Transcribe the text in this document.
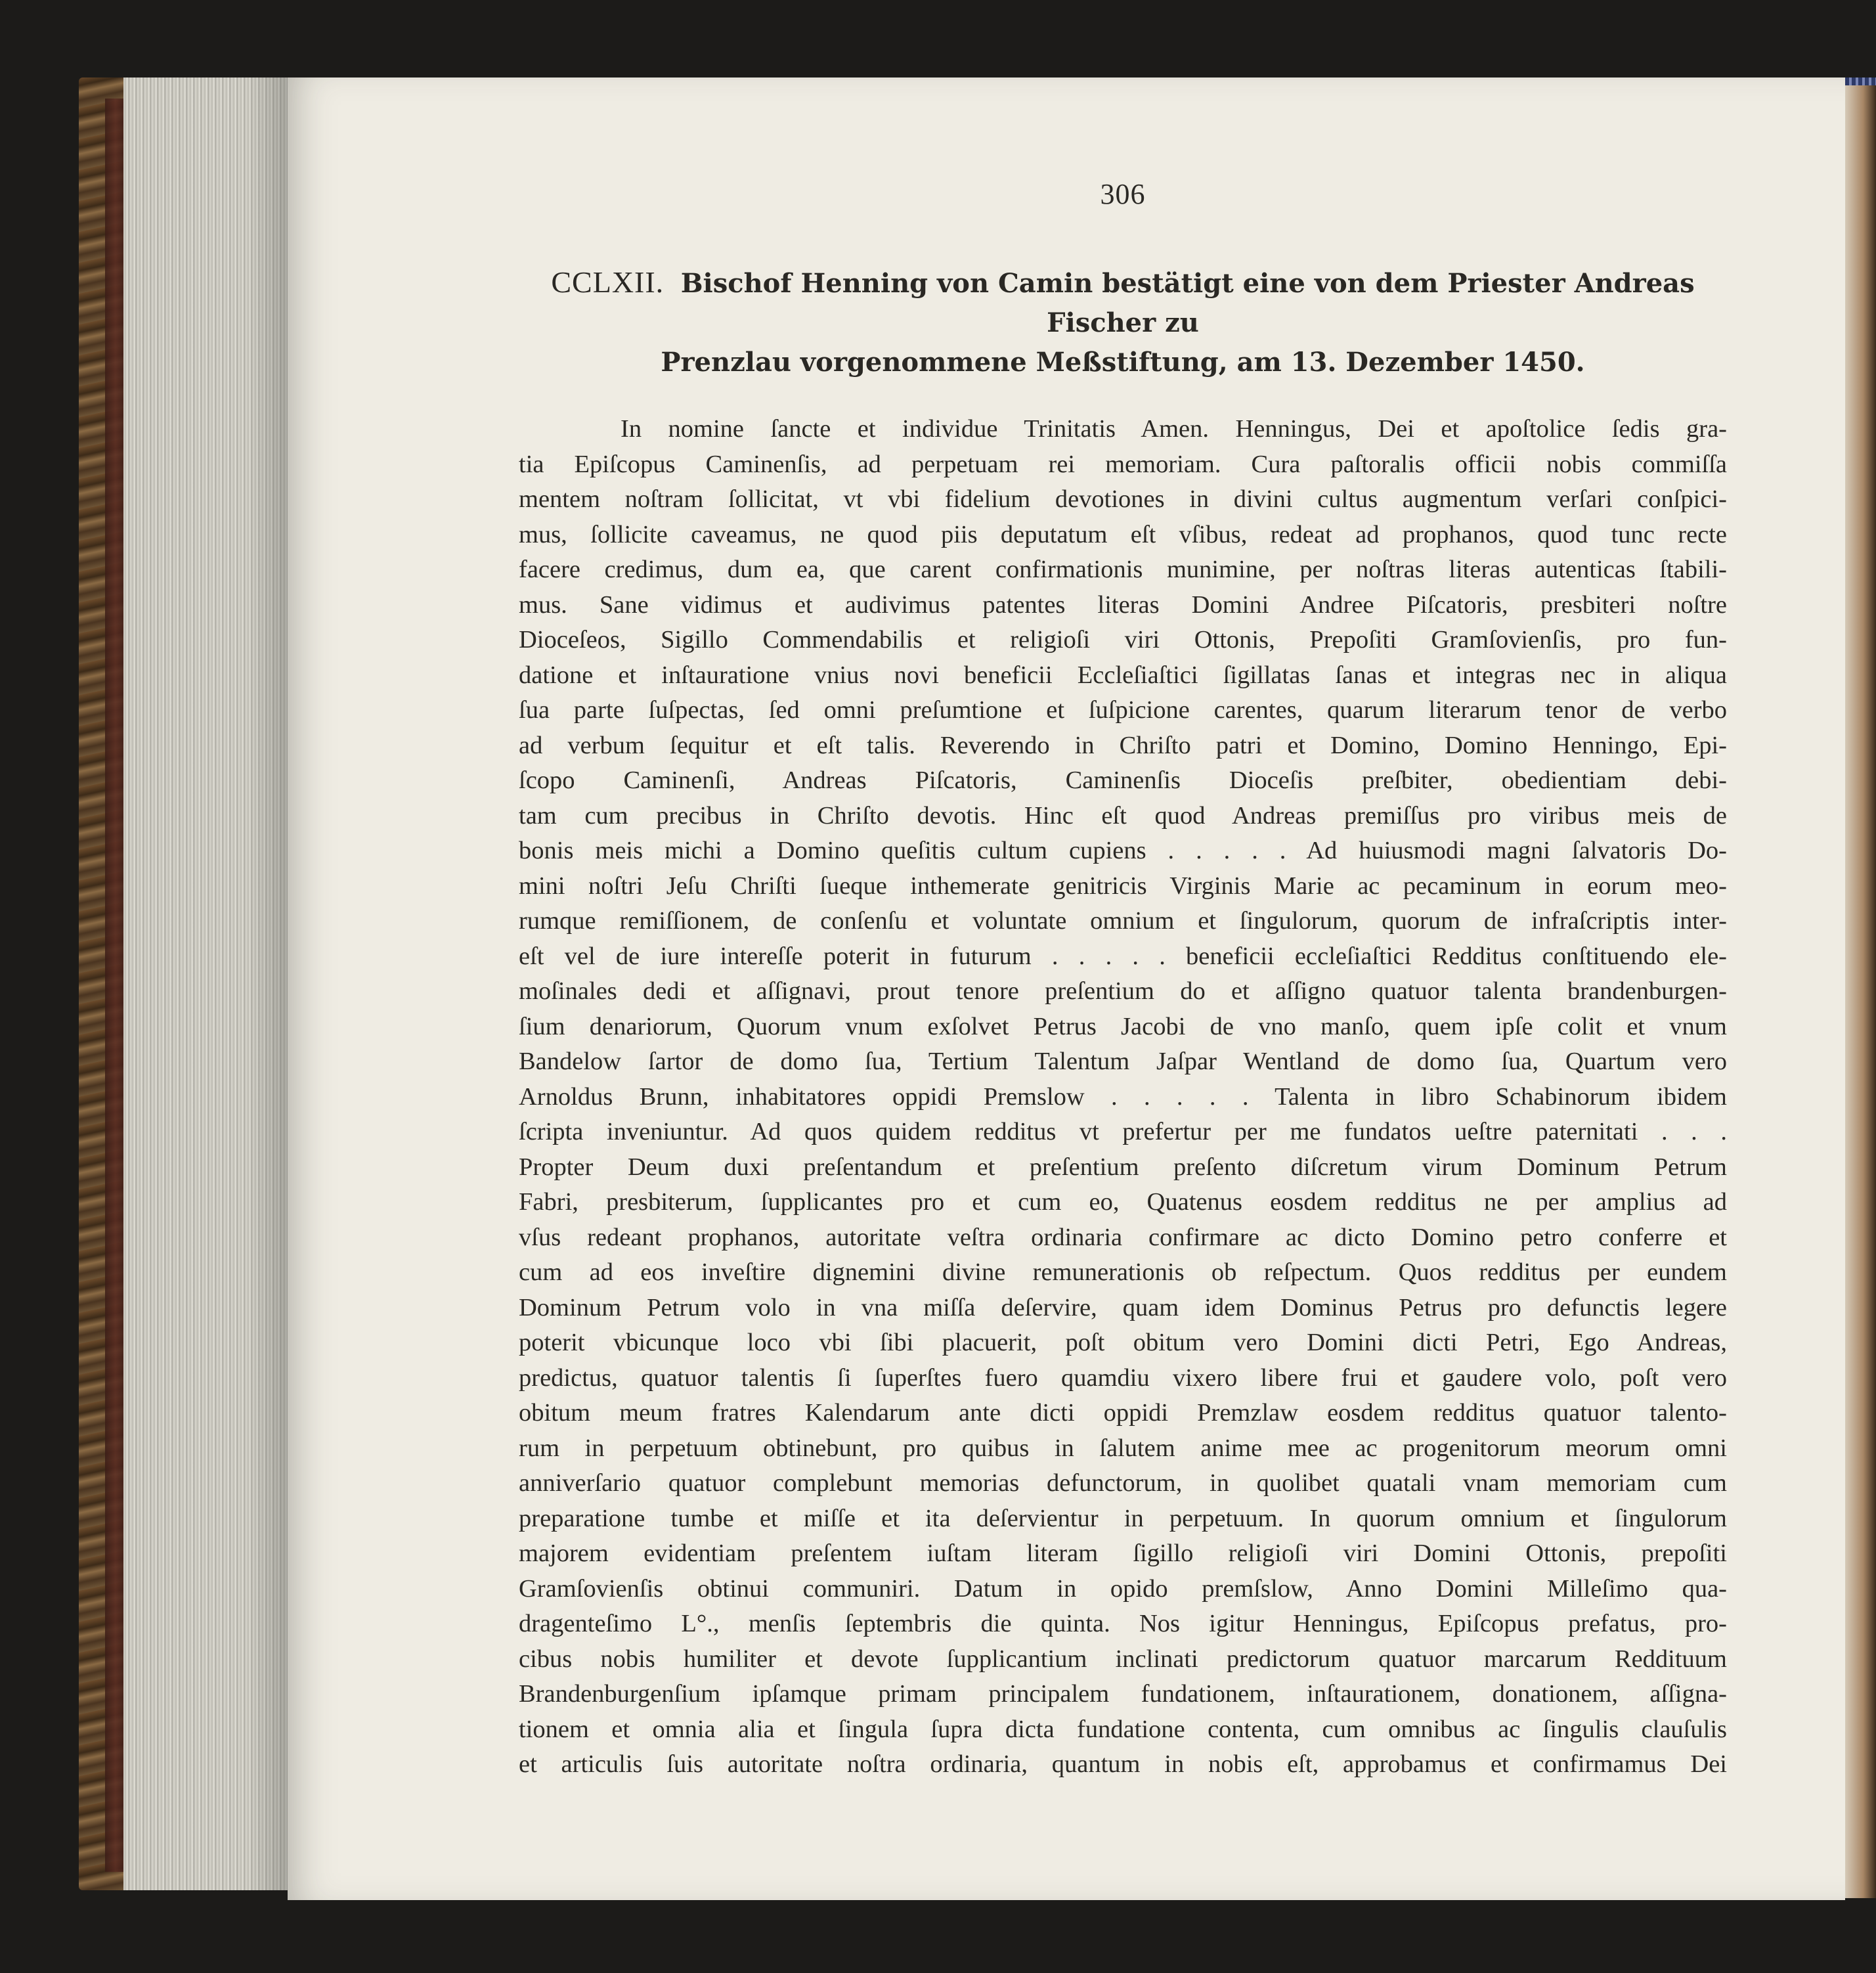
306
CCLXII. Bischof Henning von Camin bestätigt eine von dem Priester Andreas Fischer zu
Prenzlau vorgenommene Meßstiftung, am 13. Dezember 1450.
In nomine ſancte et individue Trinitatis Amen. Henningus, Dei et apoſtolice ſedis gra-
tia Epiſcopus Caminenſis, ad perpetuam rei memoriam. Cura paſtoralis officii nobis commiſſa
mentem noſtram ſollicitat, vt vbi fidelium devotiones in divini cultus augmentum verſari conſpici-
mus, ſollicite caveamus, ne quod piis deputatum eſt vſibus, redeat ad prophanos, quod tunc recte
facere credimus, dum ea, que carent confirmationis munimine, per noſtras literas autenticas ſtabili-
mus. Sane vidimus et audivimus patentes literas Domini Andree Piſcatoris, presbiteri noſtre
Dioceſeos, Sigillo Commendabilis et religioſi viri Ottonis, Prepoſiti Gramſovienſis, pro fun-
datione et inſtauratione vnius novi beneficii Eccleſiaſtici ſigillatas ſanas et integras nec in aliqua
ſua parte ſuſpectas, ſed omni preſumtione et ſuſpicione carentes, quarum literarum tenor de verbo
ad verbum ſequitur et eſt talis. Reverendo in Chriſto patri et Domino, Domino Henningo, Epi-
ſcopo Caminenſi, Andreas Piſcatoris, Caminenſis Dioceſis preſbiter, obedientiam debi-
tam cum precibus in Chriſto devotis. Hinc eſt quod Andreas premiſſus pro viribus meis de
bonis meis michi a Domino queſitis cultum cupiens . . . . . Ad huiusmodi magni ſalvatoris Do-
mini noſtri Jeſu Chriſti ſueque inthemerate genitricis Virginis Marie ac pecaminum in eorum meo-
rumque remiſſionem, de conſenſu et voluntate omnium et ſingulorum, quorum de infraſcriptis inter-
eſt vel de iure intereſſe poterit in futurum . . . . . beneficii eccleſiaſtici Redditus conſtituendo ele-
moſinales dedi et aſſignavi, prout tenore preſentium do et aſſigno quatuor talenta brandenburgen-
ſium denariorum, Quorum vnum exſolvet Petrus Jacobi de vno manſo, quem ipſe colit et vnum
Bandelow ſartor de domo ſua, Tertium Talentum Jaſpar Wentland de domo ſua, Quartum vero
Arnoldus Brunn, inhabitatores oppidi Premslow . . . . . Talenta in libro Schabinorum ibidem
ſcripta inveniuntur. Ad quos quidem redditus vt prefertur per me fundatos ueſtre paternitati . . .
Propter Deum duxi preſentandum et preſentium preſento diſcretum virum Dominum Petrum
Fabri, presbiterum, ſupplicantes pro et cum eo, Quatenus eosdem redditus ne per amplius ad
vſus redeant prophanos, autoritate veſtra ordinaria confirmare ac dicto Domino petro conferre et
cum ad eos inveſtire dignemini divine remunerationis ob reſpectum. Quos redditus per eundem
Dominum Petrum volo in vna miſſa deſervire, quam idem Dominus Petrus pro defunctis legere
poterit vbicunque loco vbi ſibi placuerit, poſt obitum vero Domini dicti Petri, Ego Andreas,
predictus, quatuor talentis ſi ſuperſtes fuero quamdiu vixero libere frui et gaudere volo, poſt vero
obitum meum fratres Kalendarum ante dicti oppidi Premzlaw eosdem redditus quatuor talento-
rum in perpetuum obtinebunt, pro quibus in ſalutem anime mee ac progenitorum meorum omni
anniverſario quatuor complebunt memorias defunctorum, in quolibet quatali vnam memoriam cum
preparatione tumbe et miſſe et ita deſervientur in perpetuum. In quorum omnium et ſingulorum
majorem evidentiam preſentem iuſtam literam ſigillo religioſi viri Domini Ottonis, prepoſiti
Gramſovienſis obtinui communiri. Datum in opido premſslow, Anno Domini Milleſimo qua-
dragenteſimo L°., menſis ſeptembris die quinta. Nos igitur Henningus, Epiſcopus prefatus, pro-
cibus nobis humiliter et devote ſupplicantium inclinati predictorum quatuor marcarum Reddituum
Brandenburgenſium ipſamque primam principalem fundationem, inſtaurationem, donationem, aſſigna-
tionem et omnia alia et ſingula ſupra dicta fundatione contenta, cum omnibus ac ſingulis clauſulis
et articulis ſuis autoritate noſtra ordinaria, quantum in nobis eſt, approbamus et confirmamus Dei
